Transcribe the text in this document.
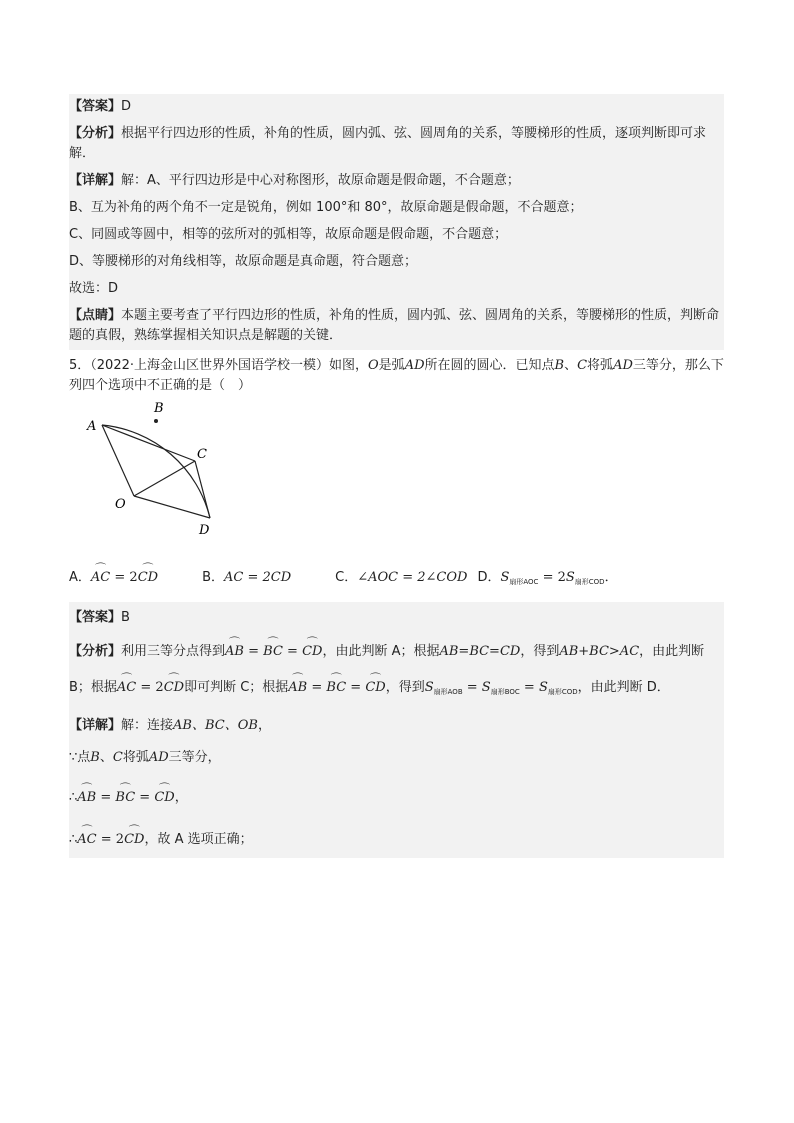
【答案】D
【分析】根据平行四边形的性质，补角的性质，圆内弧、弦、圆周角的关系，等腰梯形的性质，逐项判断即可求解．
【详解】解：A、平行四边形是中心对称图形，故原命题是假命题，不合题意；
B、互为补角的两个角不一定是锐角，例如 100°和 80°，故原命题是假命题，不合题意；
C、同圆或等圆中，相等的弦所对的弧相等，故原命题是假命题，不合题意；
D、等腰梯形的对角线相等，故原命题是真命题，符合题意；
故选：D
【点睛】本题主要考查了平行四边形的性质，补角的性质，圆内弧、弦、圆周角的关系，等腰梯形的性质，判断命题的真假，熟练掌握相关知识点是解题的关键．
5．（2022·上海金山区世界外国语学校一模）如图，O是弧AD所在圆的圆心．已知点B、C将弧AD三等分，那么下列四个选项中不正确的是（　）
A
B
C
O
D
A．⌒ AC = 2⌒ CD	B．AC = 2CD	C．∠AOC = 2∠COD D．$S_{扇形AOC} = 2S_{扇形COD}$．
【答案】B
【分析】利用三等分点得到⌒ AB = ⌒ BC = ⌒ CD，由此判断 A；根据AB=BC=CD，得到AB+BC>AC，由此判断
B；根据⌒ AC = 2⌒ CD即可判断 C；根据⌒ AB = ⌒ BC = ⌒ CD，得到$S_{扇形AOB} = S_{扇形BOC} = S_{扇形COD}$，由此判断 D．
【详解】解：连接AB、BC、OB，
∵点B、C将弧AD三等分，
∴⌒ AB = ⌒ BC = ⌒ CD，
∴⌒ AC = 2⌒ CD，故 A 选项正确；
